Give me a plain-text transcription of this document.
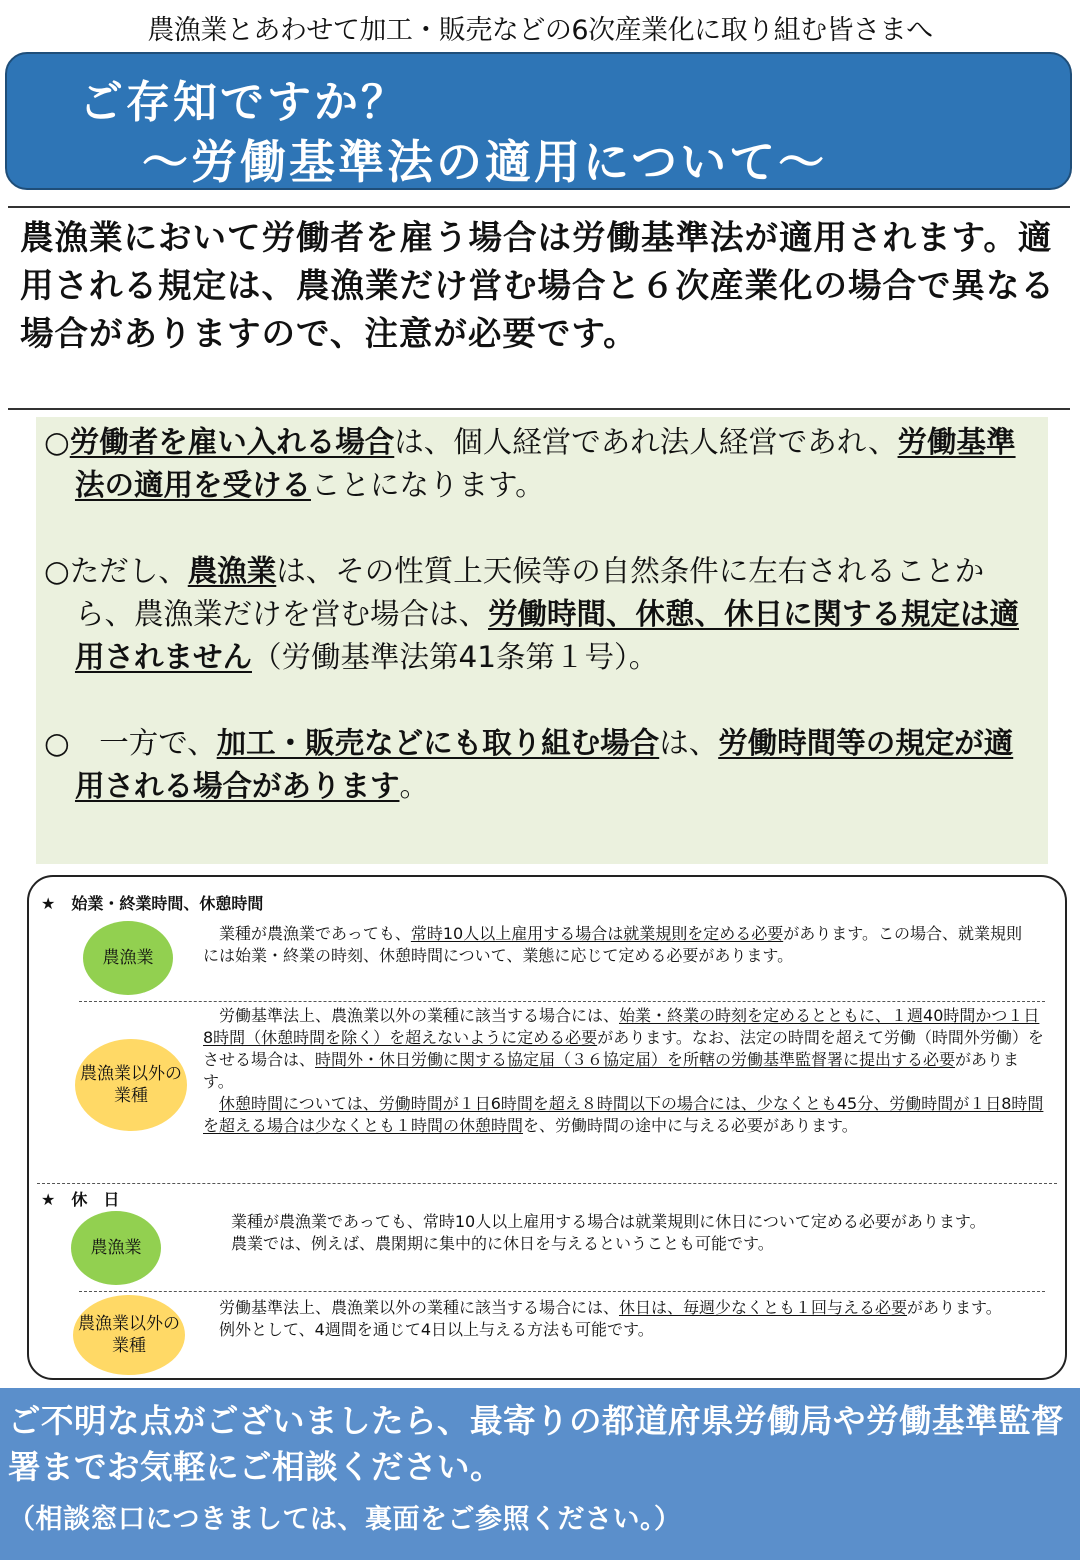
農漁業とあわせて加工・販売などの6次産業化に取り組む皆さまへ
ご存知ですか？
～労働基準法の適用について～
農漁業において労働者を雇う場合は労働基準法が適用されます。適用される規定は、農漁業だけ営む場合と６次産業化の場合で異なる場合がありますので、注意が必要です。

○労働者を雇い入れる場合は、個人経営であれ法人経営であれ、労働基準法の適用を受けることになります。

○ただし、農漁業は、その性質上天候等の自然条件に左右されることから、農漁業だけを営む場合は、労働時間、休憩、休日に関する規定は適用されません（労働基準法第41条第１号）。

○　一方で、加工・販売などにも取り組む場合は、労働時間等の規定が適用される場合があります。

★　始業・終業時間、休憩時間
農漁業
　業種が農漁業であっても、常時10人以上雇用する場合は就業規則を定める必要があります。この場合、就業規則には始業・終業の時刻、休憩時間について、業態に応じて定める必要があります。
農漁業以外の業種
　労働基準法上、農漁業以外の業種に該当する場合には、始業・終業の時刻を定めるとともに、１週40時間かつ１日8時間（休憩時間を除く）を超えないように定める必要があります。なお、法定の時間を超えて労働（時間外労働）をさせる場合は、時間外・休日労働に関する協定届（３６協定届）を所轄の労働基準監督署に提出する必要があります。
　休憩時間については、労働時間が１日6時間を超え８時間以下の場合には、少なくとも45分、労働時間が１日8時間を超える場合は少なくとも１時間の休憩時間を、労働時間の途中に与える必要があります。
★　休　日
農漁業
　業種が農漁業であっても、常時10人以上雇用する場合は就業規則に休日について定める必要があります。
　農業では、例えば、農閑期に集中的に休日を与えるということも可能です。
農漁業以外の業種
　労働基準法上、農漁業以外の業種に該当する場合には、休日は、毎週少なくとも１回与える必要があります。
　例外として、4週間を通じて4日以上与える方法も可能です。
ご不明な点がございましたら、最寄りの都道府県労働局や労働基準監督署までお気軽にご相談ください。
（相談窓口につきましては、裏面をご参照ください。）
